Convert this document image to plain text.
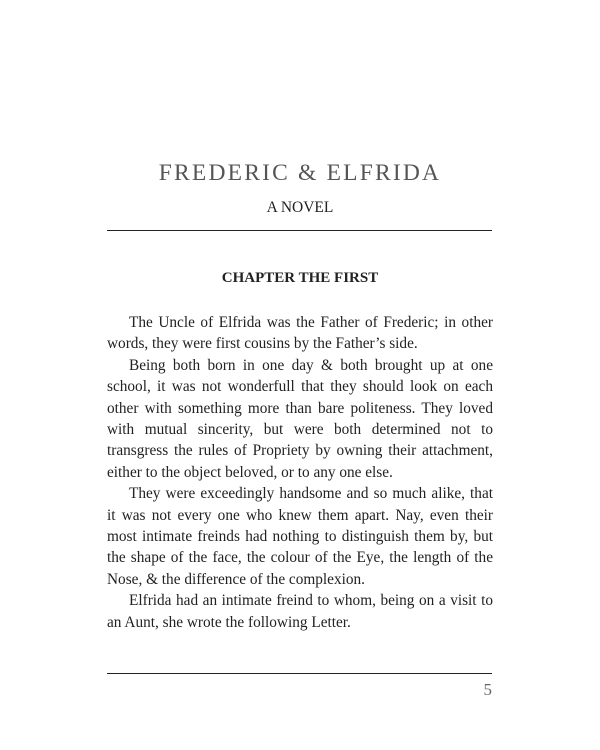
FREDERIC & ELFRIDA
A NOVEL
CHAPTER THE FIRST

The Uncle of Elfrida was the Father of Frederic; in other words, they were first cousins by the Father’s side.

Being both born in one day & both brought up at one school, it was not wonderfull that they should look on each other with something more than bare politeness. They loved with mutual sincerity, but were both determined not to transgress the rules of Propriety by owning their attachment, either to the object beloved, or to any one else.

They were exceedingly handsome and so much alike, that it was not every one who knew them apart. Nay, even their most intimate freinds had nothing to distinguish them by, but the shape of the face, the colour of the Eye, the length of the Nose, & the difference of the complexion.

Elfrida had an intimate freind to whom, being on a visit to an Aunt, she wrote the following Letter.

5
